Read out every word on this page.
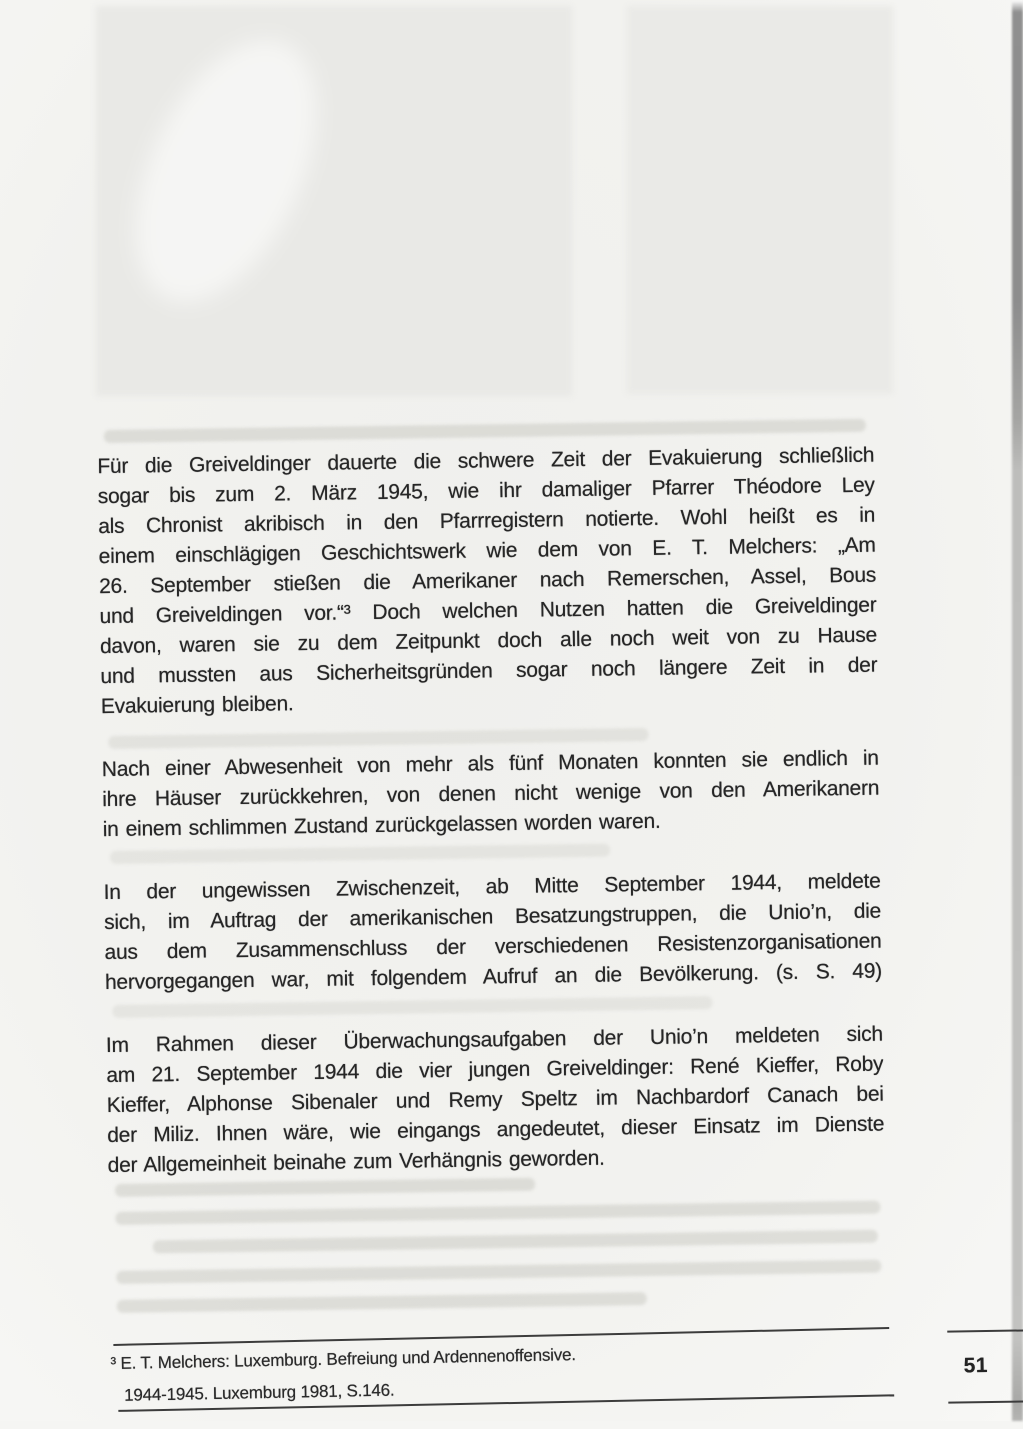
Für die Greiveldinger dauerte die schwere Zeit der Evakuierung schließlich
sogar bis zum 2. März 1945, wie ihr damaliger Pfarrer Théodore Ley
als Chronist akribisch in den Pfarrregistern notierte. Wohl heißt es in
einem einschlägigen Geschichtswerk wie dem von E. T. Melchers: „Am
26. September stießen die Amerikaner nach Remerschen, Assel, Bous
und Greiveldingen vor.“³ Doch welchen Nutzen hatten die Greiveldinger
davon, waren sie zu dem Zeitpunkt doch alle noch weit von zu Hause
und mussten aus Sicherheitsgründen sogar noch längere Zeit in der
Evakuierung bleiben.
Nach einer Abwesenheit von mehr als fünf Monaten konnten sie endlich in
ihre Häuser zurückkehren, von denen nicht wenige von den Amerikanern
in einem schlimmen Zustand zurückgelassen worden waren.
In der ungewissen Zwischenzeit, ab Mitte September 1944, meldete
sich, im Auftrag der amerikanischen Besatzungstruppen, die Unio’n, die
aus dem Zusammenschluss der verschiedenen Resistenzorganisationen
hervorgegangen war, mit folgendem Aufruf an die Bevölkerung. (s. S. 49)
Im Rahmen dieser Überwachungsaufgaben der Unio’n meldeten sich
am 21. September 1944 die vier jungen Greiveldinger: René Kieffer, Roby
Kieffer, Alphonse Sibenaler und Remy Speltz im Nachbardorf Canach bei
der Miliz. Ihnen wäre, wie eingangs angedeutet, dieser Einsatz im Dienste
der Allgemeinheit beinahe zum Verhängnis geworden.
³ E. T. Melchers: Luxemburg. Befreiung und Ardennenoffensive.
1944-1945. Luxemburg 1981, S.146.
51
